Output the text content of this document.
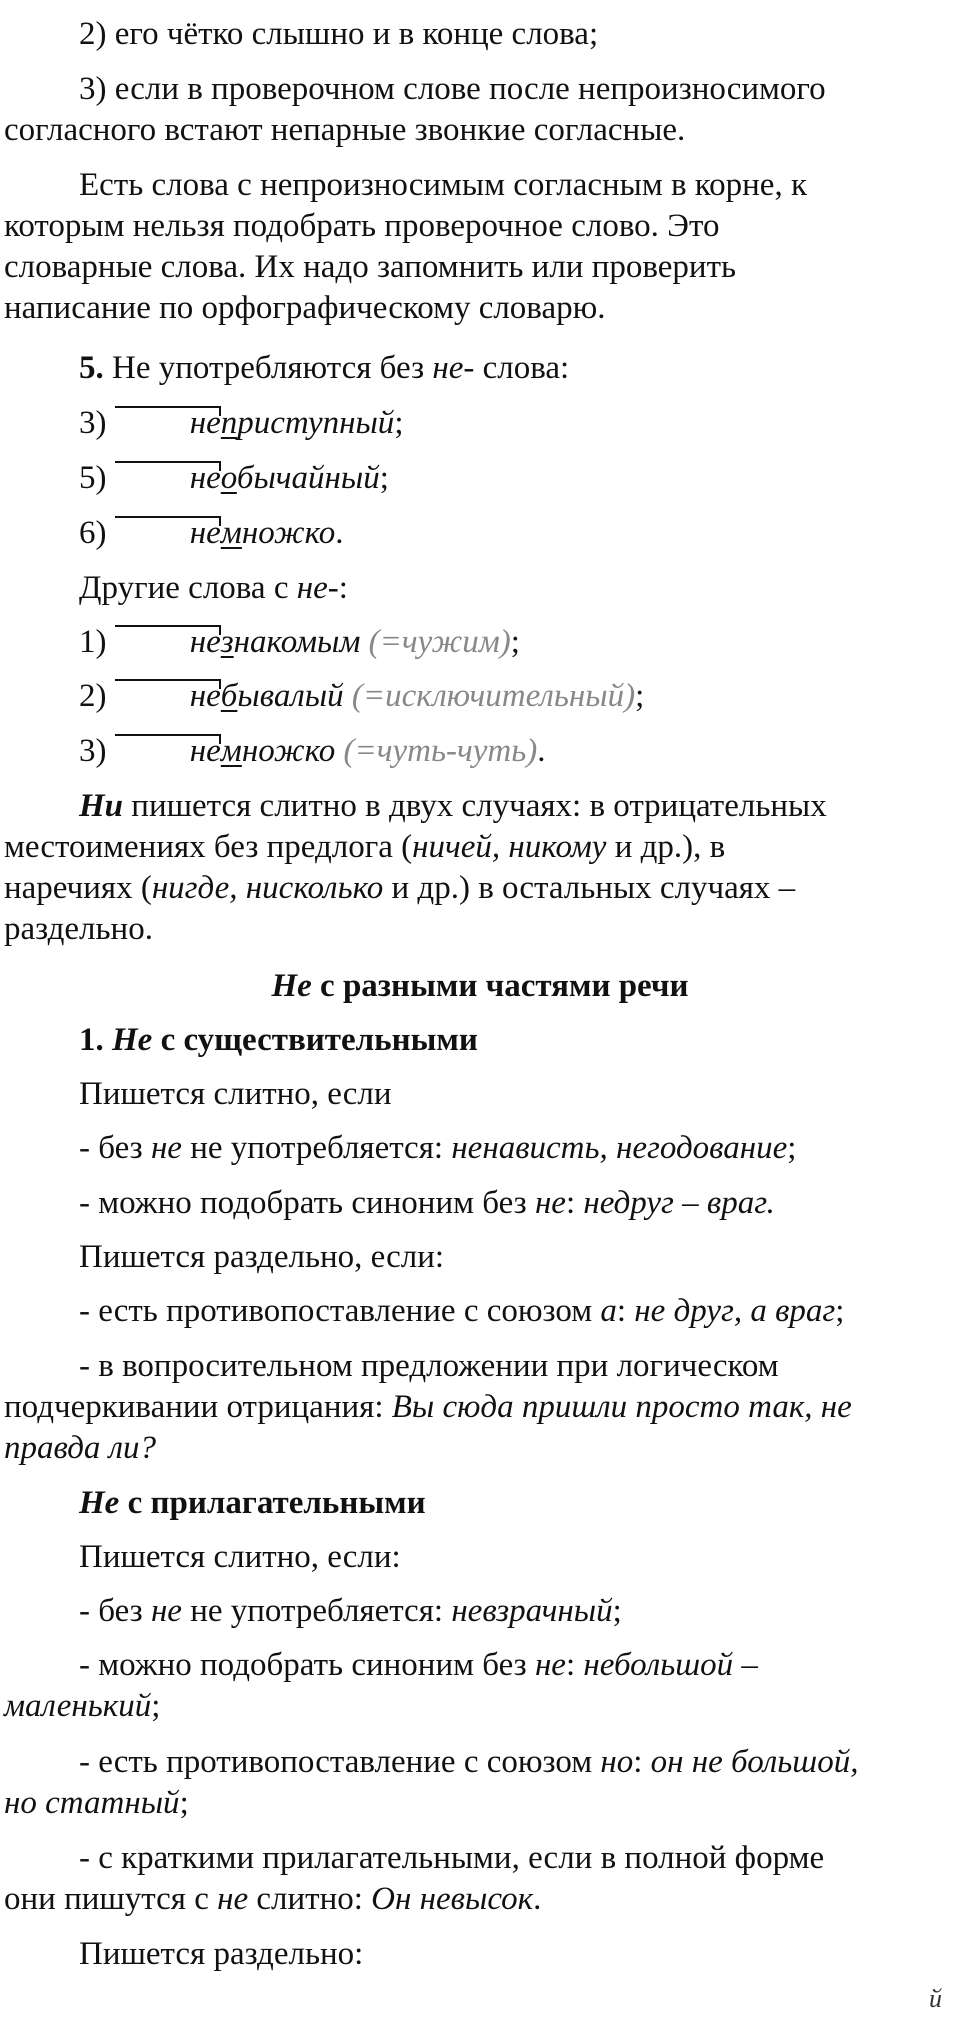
2) его чётко слышно и в конце слова;

3) если в проверочном слове после непроизносимого
согласного встают непарные звонкие согласные.

Есть слова с непроизносимым согласным в корне, к
которым нельзя подобрать проверочное слово. Это
словарные слова. Их надо запомнить или проверить
написание по орфографическому словарю.

5. Не употребляются без не- слова:

3)
неприступный;

5)
необычайный;

6)
немножко.

Другие слова с не-:

1)
незнакомым (=чужим);

2)
небывалый (=исключительный);

3)
немножко (=чуть-чуть).

Ни пишется слитно в двух случаях: в отрицательных
местоимениях без предлога (ничей, никому и др.), в
наречиях (нигде, нисколько и др.) в остальных случаях –
раздельно.

Не с разными частями речи

1. Не с существительными

Пишется слитно, если

- без не не употребляется: ненависть, негодование;

- можно подобрать синоним без не: недруг – враг.

Пишется раздельно, если:

- есть противопоставление с союзом а: не друг, а враг;

- в вопросительном предложении при логическом
подчеркивании отрицания: Вы сюда пришли просто так, не
правда ли?

Не с прилагательными

Пишется слитно, если:

- без не не употребляется: невзрачный;

- можно подобрать синоним без не: небольшой –
маленький;

- есть противопоставление с союзом но: он не большой,
но статный;

- с краткими прилагательными, если в полной форме
они пишутся с не слитно: Он невысок.

Пишется раздельно:

й
